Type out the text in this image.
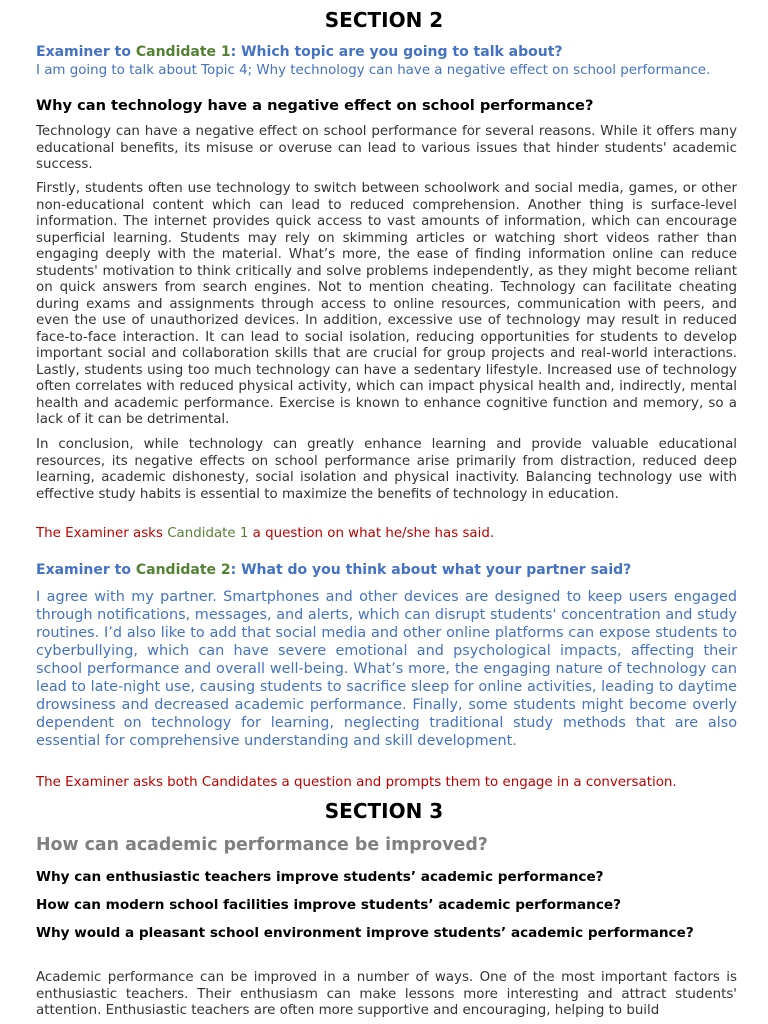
SECTION 2

Examiner to Candidate 1: Which topic are you going to talk about?

I am going to talk about Topic 4; Why technology can have a negative effect on school performance.

Why can technology have a negative effect on school performance?

Technology can have a negative effect on school performance for several reasons. While it offers many educational benefits, its misuse or overuse can lead to various issues that hinder students' academic success.

Firstly, students often use technology to switch between schoolwork and social media, games, or other non-educational content which can lead to reduced comprehension. Another thing is surface-level information. The internet provides quick access to vast amounts of information, which can encourage superficial learning. Students may rely on skimming articles or watching short videos rather than engaging deeply with the material. What’s more, the ease of finding information online can reduce students' motivation to think critically and solve problems independently, as they might become reliant on quick answers from search engines. Not to mention cheating. Technology can facilitate cheating during exams and assignments through access to online resources, communication with peers, and even the use of unauthorized devices. In addition, excessive use of technology may result in reduced face-to-face interaction. It can lead to social isolation, reducing opportunities for students to develop important social and collaboration skills that are crucial for group projects and real-world interactions. Lastly, students using too much technology can have a sedentary lifestyle. Increased use of technology often correlates with reduced physical activity, which can impact physical health and, indirectly, mental health and academic performance. Exercise is known to enhance cognitive function and memory, so a lack of it can be detrimental.

In conclusion, while technology can greatly enhance learning and provide valuable educational resources, its negative effects on school performance arise primarily from distraction, reduced deep learning, academic dishonesty, social isolation and physical inactivity. Balancing technology use with effective study habits is essential to maximize the benefits of technology in education.

The Examiner asks Candidate 1 a question on what he/she has said.

Examiner to Candidate 2: What do you think about what your partner said?

I agree with my partner. Smartphones and other devices are designed to keep users engaged through notifications, messages, and alerts, which can disrupt students' concentration and study routines. I’d also like to add that social media and other online platforms can expose students to cyberbullying, which can have severe emotional and psychological impacts, affecting their school performance and overall well-being. What’s more, the engaging nature of technology can lead to late-night use, causing students to sacrifice sleep for online activities, leading to daytime drowsiness and decreased academic performance. Finally, some students might become overly dependent on technology for learning, neglecting traditional study methods that are also essential for comprehensive understanding and skill development.

The Examiner asks both Candidates a question and prompts them to engage in a conversation.

SECTION 3

How can academic performance be improved?

Why can enthusiastic teachers improve students’ academic performance?

How can modern school facilities improve students’ academic performance?

Why would a pleasant school environment improve students’ academic performance?

Academic performance can be improved in a number of ways. One of the most important factors is enthusiastic teachers. Their enthusiasm can make lessons more interesting and attract students' attention. Enthusiastic teachers are often more supportive and encouraging, helping to build
